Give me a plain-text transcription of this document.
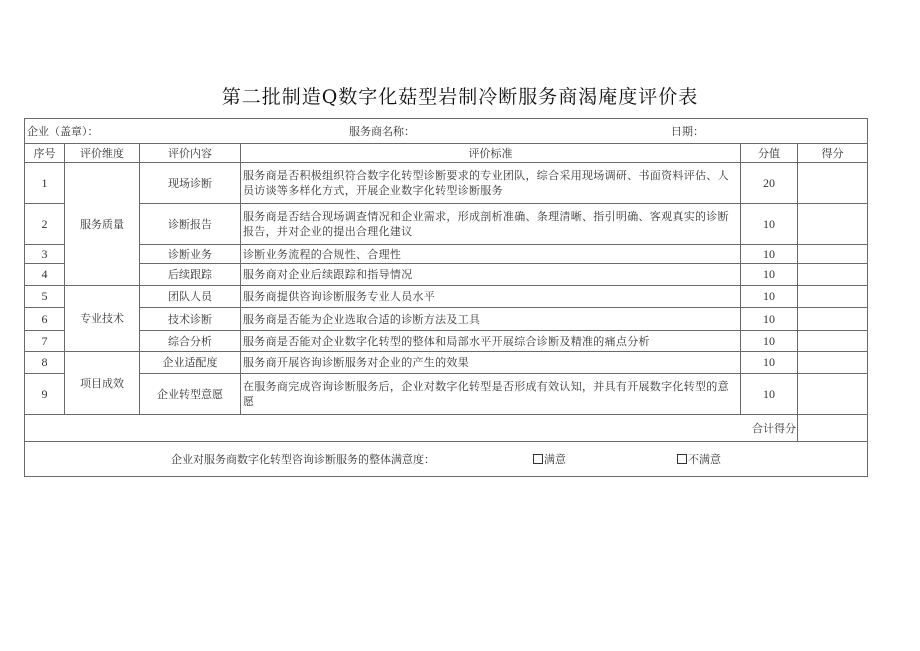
第二批制造Q数字化菇型岩制冷断服务商渴庵度评价表
企业（盖章）： 服务商名称： 日期：					

序号	评价维度	评价内容	评价标准	分值	得分
1	服务质量	现场诊断	服务商是否积极组织符合数字化转型诊断要求的专业团队，综合采用现场调研、书面资料评估、人员访谈等多样化方式，开展企业数字化转型诊断服务	20	
2		诊断报告	服务商是否结合现场调查情况和企业需求，形成剖析准确、条理清晰、指引明确、客观真实的诊断报告，并对企业的提出合理化建议	10	
3		诊断业务	诊断业务流程的合规性、合理性	10	
4		后续跟踪	服务商对企业后续跟踪和指导情况	10	
5	专业技术	团队人员	服务商提供咨询诊断服务专业人员水平	10	
6		技术诊断	服务商是否能为企业选取合适的诊断方法及工具	10	
7		综合分析	服务商是否能对企业数字化转型的整体和局部水平开展综合诊断及精准的痛点分析	10	
8	项目成效	企业适配度	服务商开展咨询诊断服务对企业的产生的效果	10	
9		企业转型意愿	在服务商完成咨询诊断服务后，企业对数字化转型是否形成有效认知，并具有开展数字化转型的意愿	10	
合计得分					

企业对服务商数字化转型咨询诊断服务的整体满意度： 满意 不满意					
